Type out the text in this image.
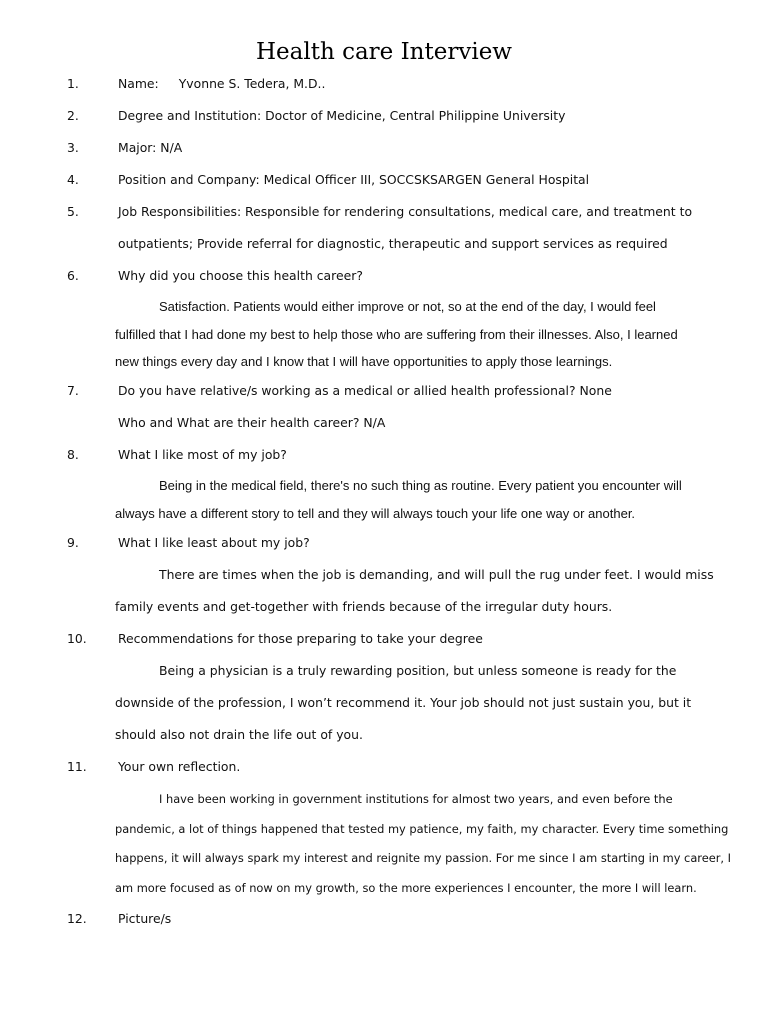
Health care Interview
1.	Name: Yvonne S. Tedera, M.D..
2.	Degree and Institution: Doctor of Medicine, Central Philippine University
3.	Major: N/A
4.	Position and Company: Medical Officer III, SOCCSKSARGEN General Hospital
5.	Job Responsibilities: Responsible for rendering consultations, medical care, and treatment to
outpatients; Provide referral for diagnostic, therapeutic and support services as required
6.	Why did you choose this health career?
Satisfaction. Patients would either improve or not, so at the end of the day, I would feel
fulfilled that I had done my best to help those who are suffering from their illnesses. Also, I learned
new things every day and I know that I will have opportunities to apply those learnings.
7.	Do you have relative/s working as a medical or allied health professional? None
Who and What are their health career? N/A
8.	What I like most of my job?
Being in the medical field, there's no such thing as routine. Every patient you encounter will
always have a different story to tell and they will always touch your life one way or another.
9.	What I like least about my job?
There are times when the job is demanding, and will pull the rug under feet. I would miss
family events and get-together with friends because of the irregular duty hours.
10.	Recommendations for those preparing to take your degree
Being a physician is a truly rewarding position, but unless someone is ready for the
downside of the profession, I won’t recommend it. Your job should not just sustain you, but it
should also not drain the life out of you.
11.	Your own reflection.
I have been working in government institutions for almost two years, and even before the
pandemic, a lot of things happened that tested my patience, my faith, my character. Every time something
happens, it will always spark my interest and reignite my passion. For me since I am starting in my career, I
am more focused as of now on my growth, so the more experiences I encounter, the more I will learn.
12.	Picture/s
